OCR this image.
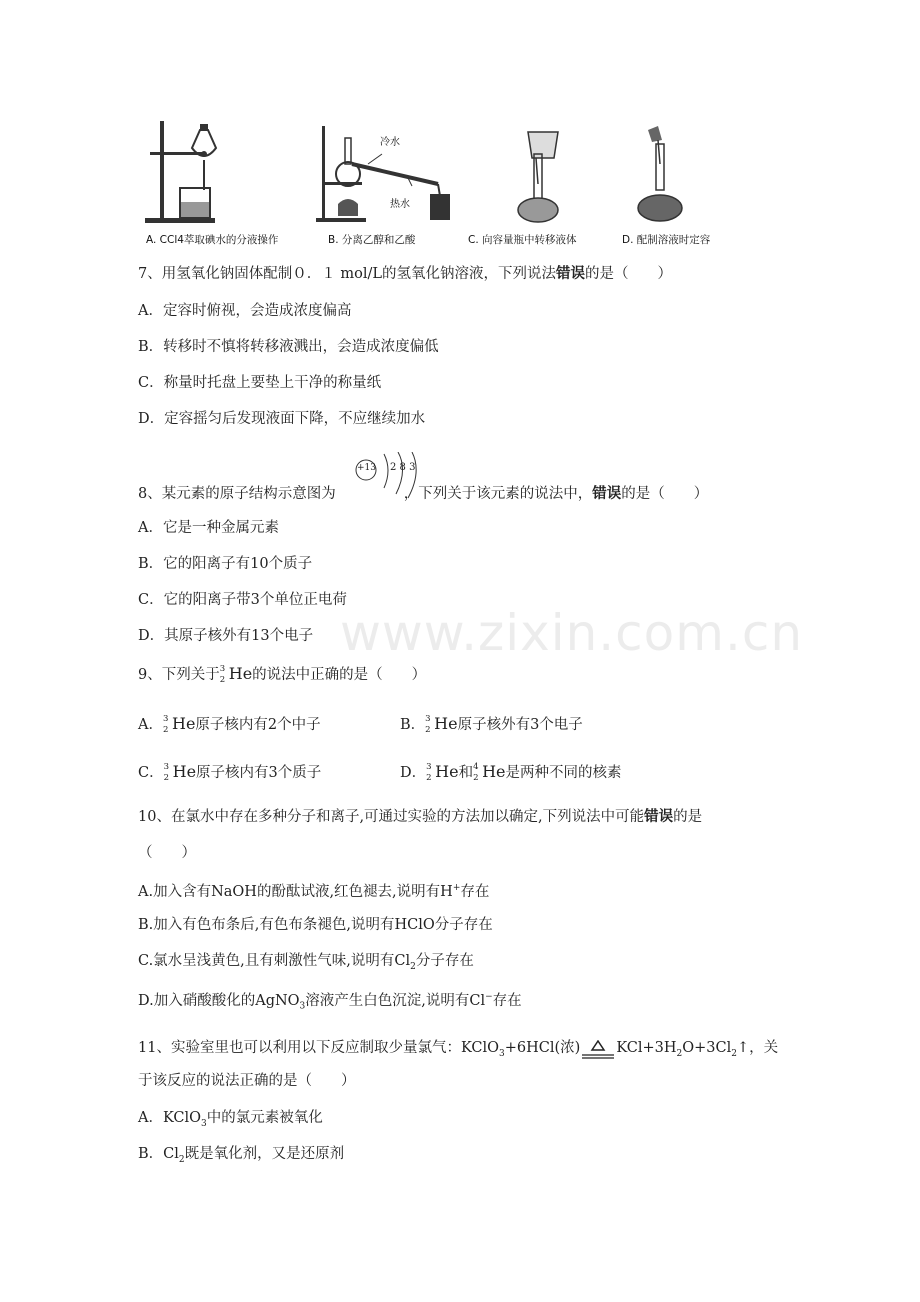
www.zixin.com.cn
冷水
热水
A. CCl4萃取碘水的分液操作	B. 分离乙醇和乙酸	C. 向容量瓶中转移液体	D. 配制溶液时定容
7、用氢氧化钠固体配制０．１ mol/L的氢氧化钠溶液，下列说法错误的是（　　）
A．定容时俯视，会造成浓度偏高
B．转移时不慎将转移液溅出，会造成浓度偏低
C．称量时托盘上要垫上干净的称量纸
D．定容摇匀后发现液面下降，不应继续加水
+13 2 8 3
8、某元素的原子结构示意图为	，下列关于该元素的说法中，错误的是（　　）
A．它是一种金属元素
B．它的阳离子有10个质子
C．它的阳离子带3个单位正电荷
D．其原子核外有13个电子
9、下列关于 3
2 He的说法中正确的是（　　）
A． 3
2 He原子核内有2个中子	B． 3
2 He原子核外有3个电子
C． 3
2 He原子核内有3个质子	D． 3
2 He和 4
2 He是两种不同的核素
10、在氯水中存在多种分子和离子,可通过实验的方法加以确定,下列说法中可能错误的是
（　　）
A.加入含有NaOH的酚酞试液,红色褪去,说明有H+存在
B.加入有色布条后,有色布条褪色,说明有HClO分子存在
C.氯水呈浅黄色,且有刺激性气味,说明有$Cl_2$分子存在
D.加入硝酸酸化的AgNO$_3$溶液产生白色沉淀,说明有Cl−存在
11、实验室里也可以利用以下反应制取少量氯气：KClO$_3$+6HCl(浓) $KCl+3H_2O+3Cl_2↑$，关
于该反应的说法正确的是（　　）
A．KClO$_3$中的氯元素被氧化
B．$Cl_2$既是氧化剂，又是还原剂
